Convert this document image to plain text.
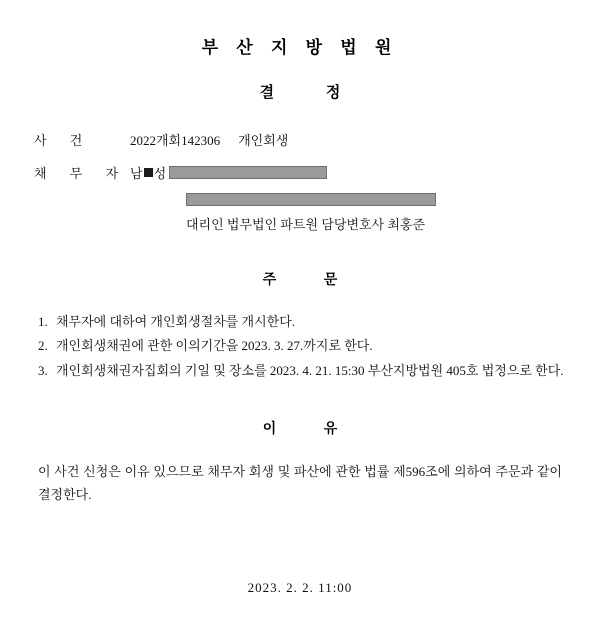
부 산 지 방 법 원
결 정
사 건	2022개회142306 개인회생
채 무 자 남 성
대리인 법무법인 파트원 담당변호사 최홍준
주 문
1. 채무자에 대하여 개인회생절차를 개시한다.
2. 개인회생채권에 관한 이의기간을 2023. 3. 27.까지로 한다.
3. 개인회생채권자집회의 기일 및 장소를 2023. 4. 21. 15:30 부산지방법원 405호 법정으로 한다.
이 유
이 사건 신청은 이유 있으므로 채무자 회생 및 파산에 관한 법률 제596조에 의하여 주문과 같이 결정한다.
2023. 2. 2. 11:00
